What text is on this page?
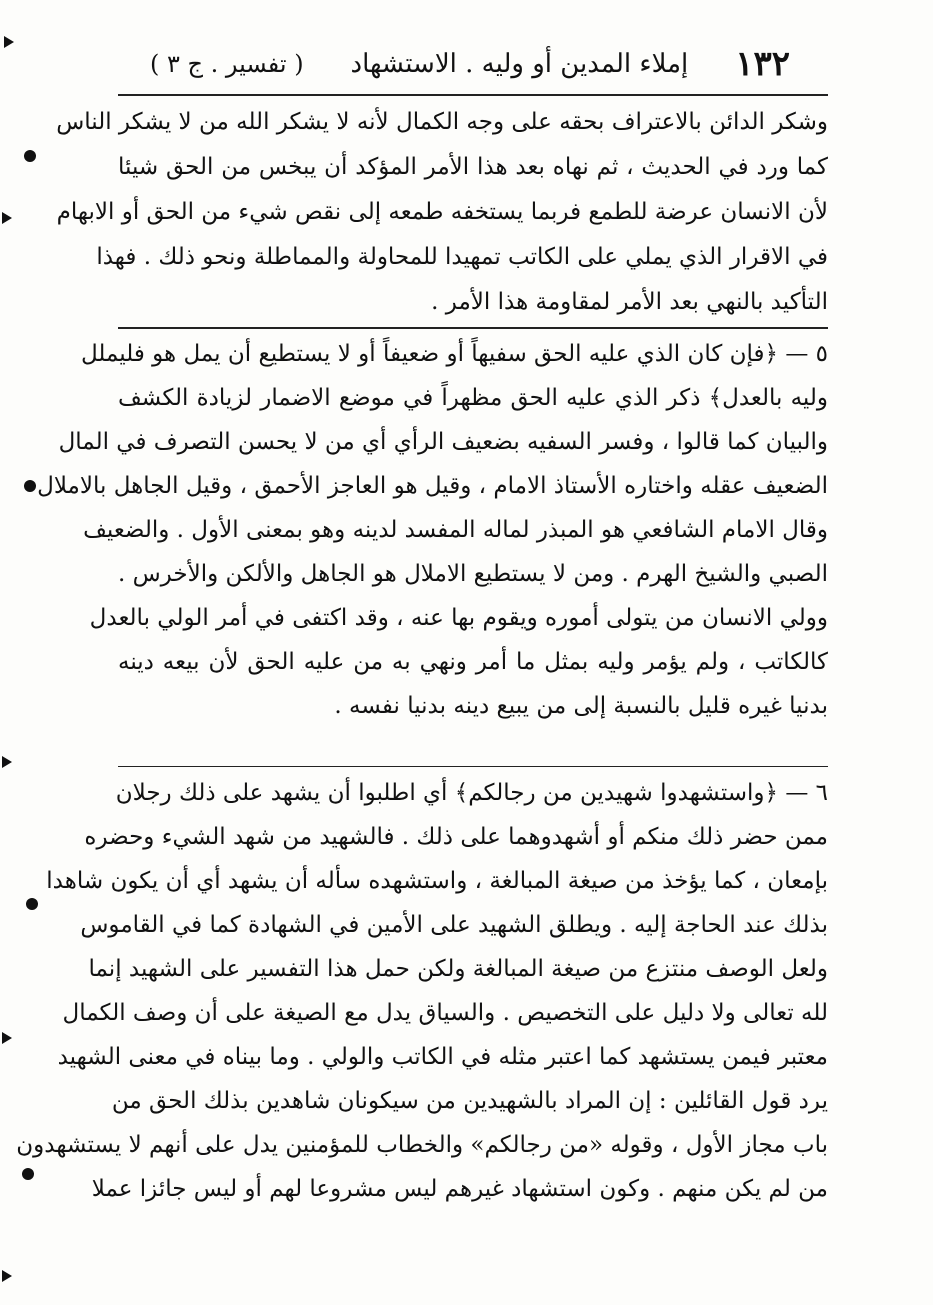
١٣٢
إملاء المدين أو وليه . الاستشهاد
( تفسير . ج ٣ )
وشكر الدائن بالاعتراف بحقه على وجه الكمال لأنه لا يشكر الله من لا يشكر الناس
كما ورد في الحديث ، ثم نهاه بعد هذا الأمر المؤكد أن يبخس من الحق شيئا
لأن الانسان عرضة للطمع فربما يستخفه طمعه إلى نقص شيء من الحق أو الابهام
في الاقرار الذي يملي على الكاتب تمهيدا للمحاولة والمماطلة ونحو ذلك . فهذا
التأكيد بالنهي بعد الأمر لمقاومة هذا الأمر .
٥ — ﴿فإن كان الذي عليه الحق سفيهاً أو ضعيفاً أو لا يستطيع أن يمل هو فليملل
وليه بالعدل﴾ ذكر الذي عليه الحق مظهراً في موضع الاضمار لزيادة الكشف
والبيان كما قالوا ، وفسر السفيه بضعيف الرأي أي من لا يحسن التصرف في المال
الضعيف عقله واختاره الأستاذ الامام ، وقيل هو العاجز الأحمق ، وقيل الجاهل بالاملال
وقال الامام الشافعي هو المبذر لماله المفسد لدينه وهو بمعنى الأول . والضعيف
الصبي والشيخ الهرم . ومن لا يستطيع الاملال هو الجاهل والألكن والأخرس .
وولي الانسان من يتولى أموره ويقوم بها عنه ، وقد اكتفى في أمر الولي بالعدل
كالكاتب ، ولم يؤمر وليه بمثل ما أمر ونهي به من عليه الحق لأن بيعه دينه
بدنيا غيره قليل بالنسبة إلى من يبيع دينه بدنيا نفسه .
٦ — ﴿واستشهدوا شهيدين من رجالكم﴾ أي اطلبوا أن يشهد على ذلك رجلان
ممن حضر ذلك منكم أو أشهدوهما على ذلك . فالشهيد من شهد الشيء وحضره
بإمعان ، كما يؤخذ من صيغة المبالغة ، واستشهده سأله أن يشهد أي أن يكون شاهدا
بذلك عند الحاجة إليه . ويطلق الشهيد على الأمين في الشهادة كما في القاموس
ولعل الوصف منتزع من صيغة المبالغة ولكن حمل هذا التفسير على الشهيد إنما
لله تعالى ولا دليل على التخصيص . والسياق يدل مع الصيغة على أن وصف الكمال
معتبر فيمن يستشهد كما اعتبر مثله في الكاتب والولي . وما بيناه في معنى الشهيد
يرد قول القائلين : إن المراد بالشهيدين من سيكونان شاهدين بذلك الحق من
باب مجاز الأول ، وقوله «من رجالكم» والخطاب للمؤمنين يدل على أنهم لا يستشهدون
من لم يكن منهم . وكون استشهاد غيرهم ليس مشروعا لهم أو ليس جائزا عملا
